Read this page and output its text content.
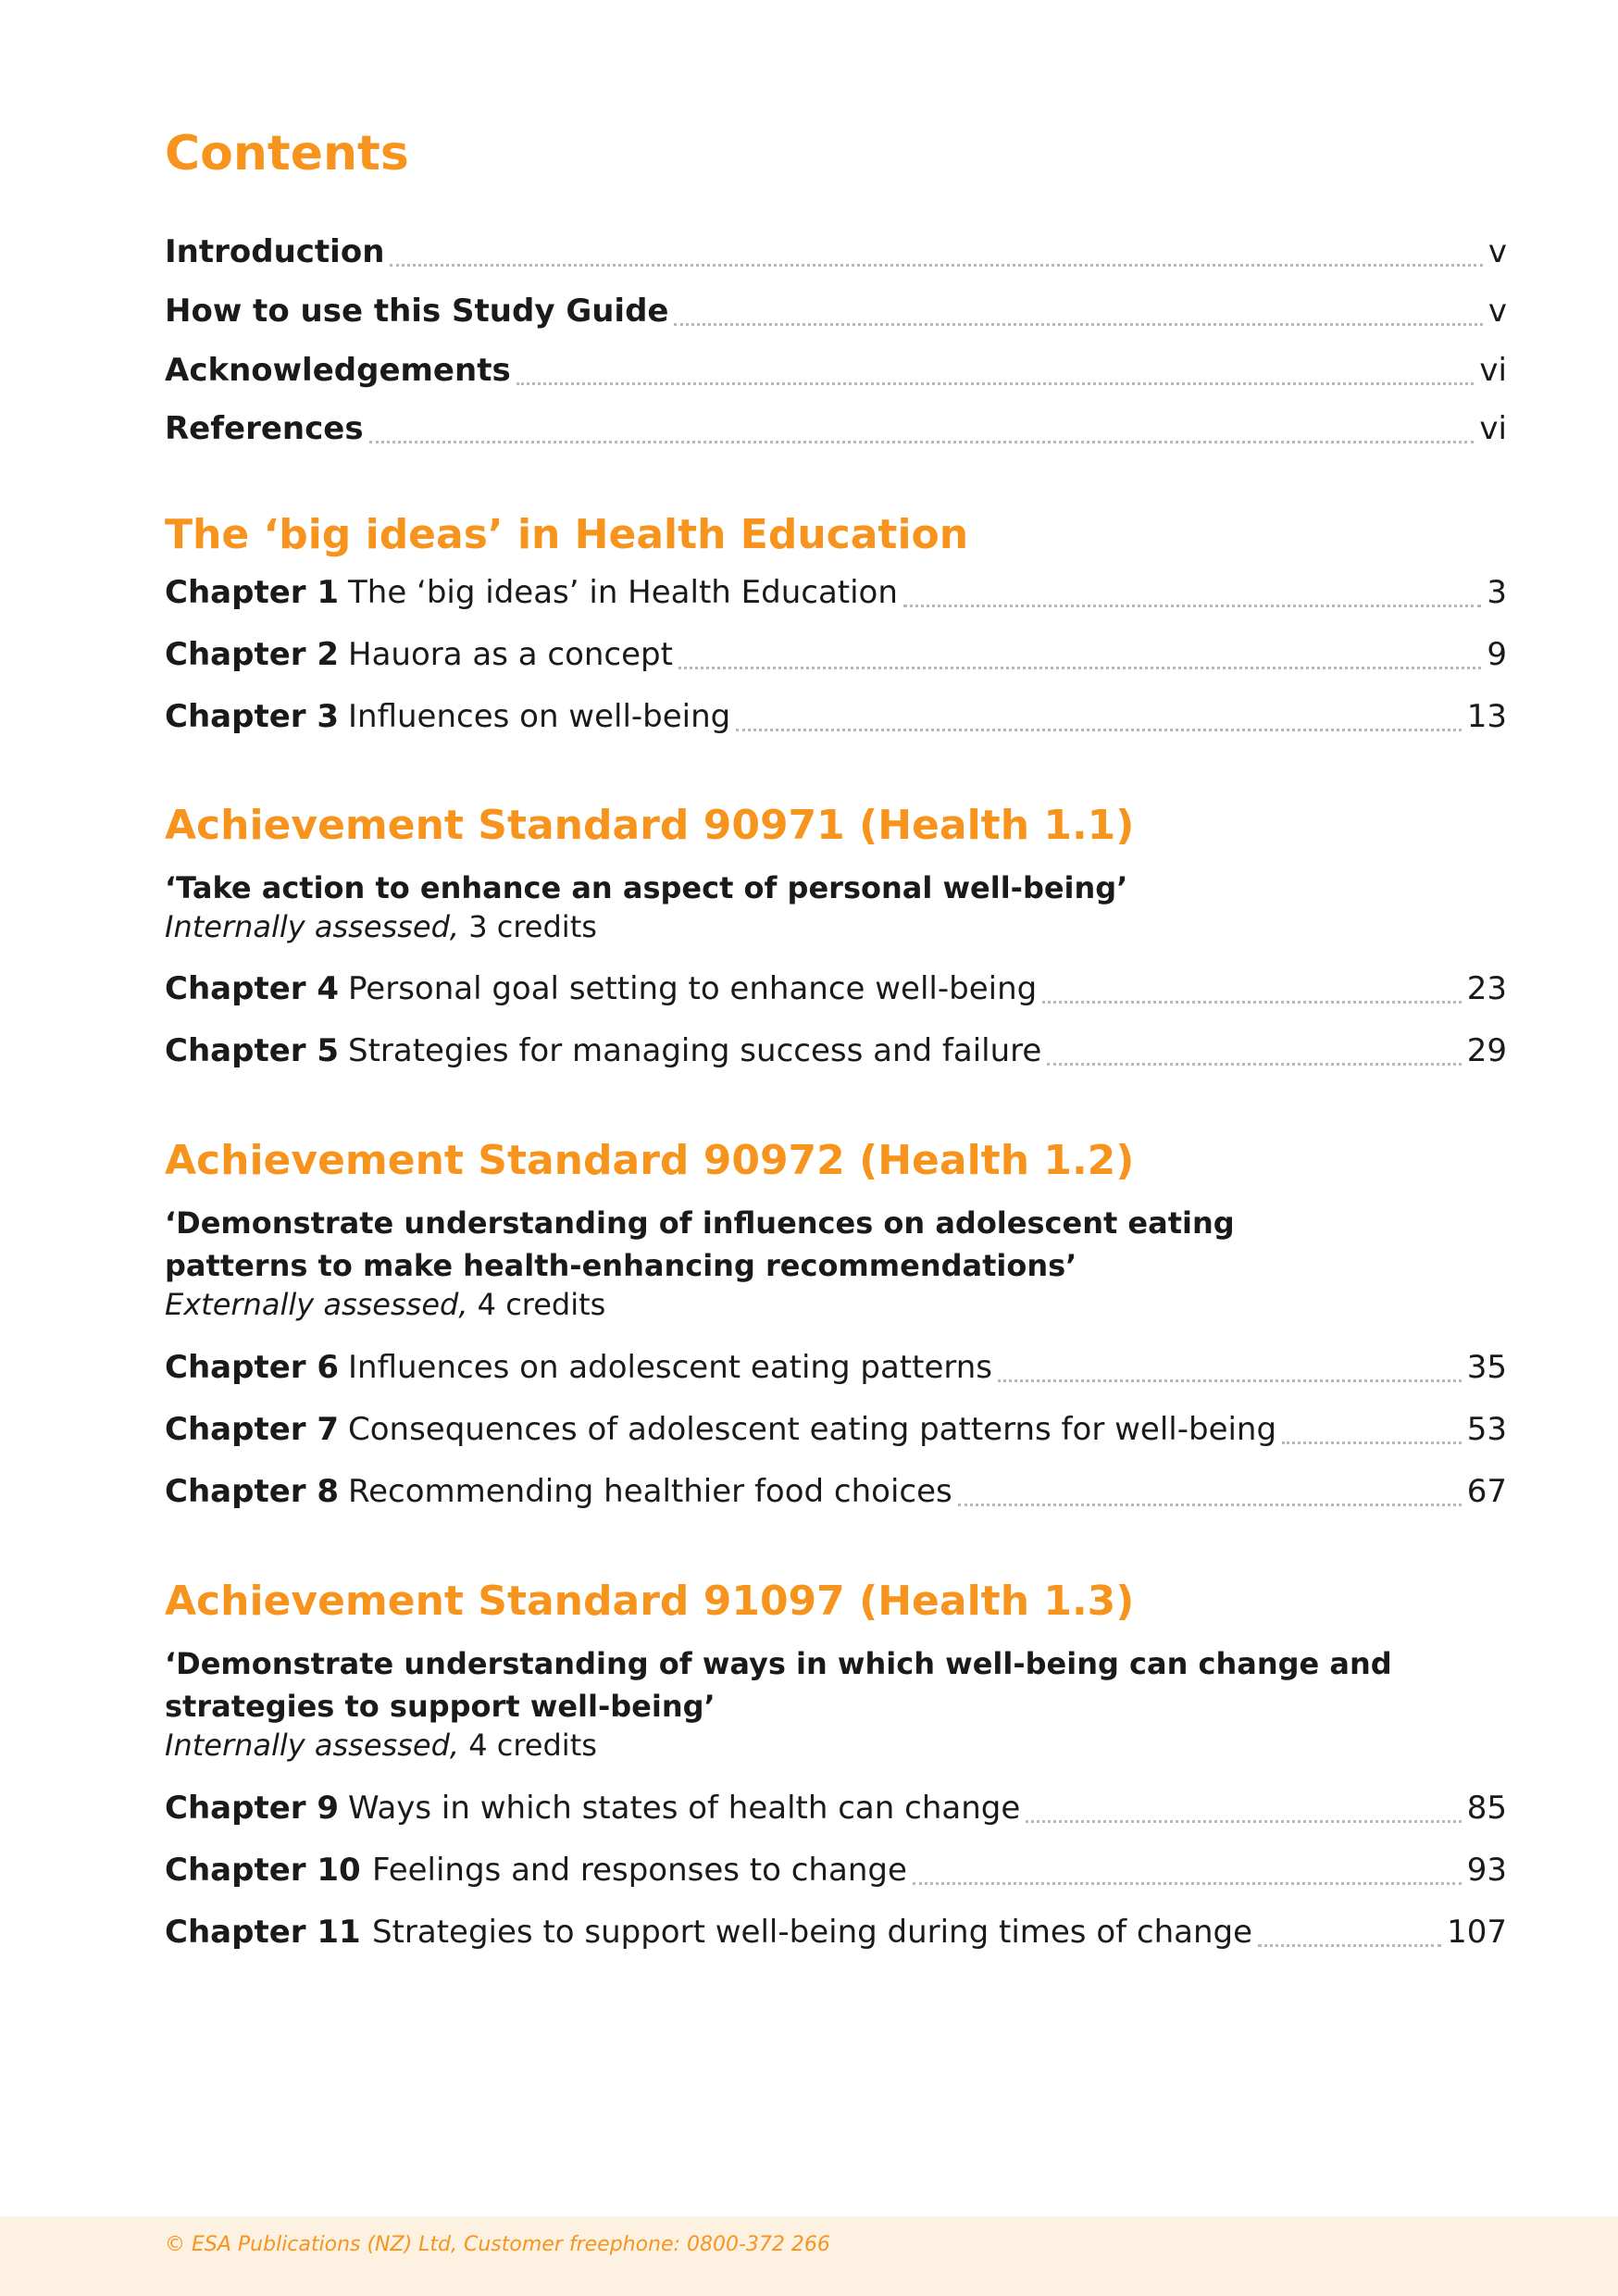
Contents
Introduction	v
How to use this Study Guide	v
Acknowledgements	vi
References	vi
The ‘big ideas’ in Health Education
Chapter 1 The ‘big ideas’ in Health Education	3
Chapter 2 Hauora as a concept	9
Chapter 3 Influences on well-being	13
Achievement Standard 90971 (Health 1.1)

‘Take action to enhance an aspect of personal well-being’

Internally assessed, 3 credits

Chapter 4 Personal goal setting to enhance well-being	23
Chapter 5 Strategies for managing success and failure	29
Achievement Standard 90972 (Health 1.2)

‘Demonstrate understanding of influences on adolescent eating patterns to make health-enhancing recommendations’

Externally assessed, 4 credits

Chapter 6 Influences on adolescent eating patterns	35
Chapter 7 Consequences of adolescent eating patterns for well-being	53
Chapter 8 Recommending healthier food choices	67
Achievement Standard 91097 (Health 1.3)

‘Demonstrate understanding of ways in which well-being can change and strategies to support well-being’

Internally assessed, 4 credits

Chapter 9 Ways in which states of health can change	85
Chapter 10 Feelings and responses to change	93
Chapter 11 Strategies to support well-being during times of change	107
© ESA Publications (NZ) Ltd, Customer freephone: 0800-372 266
